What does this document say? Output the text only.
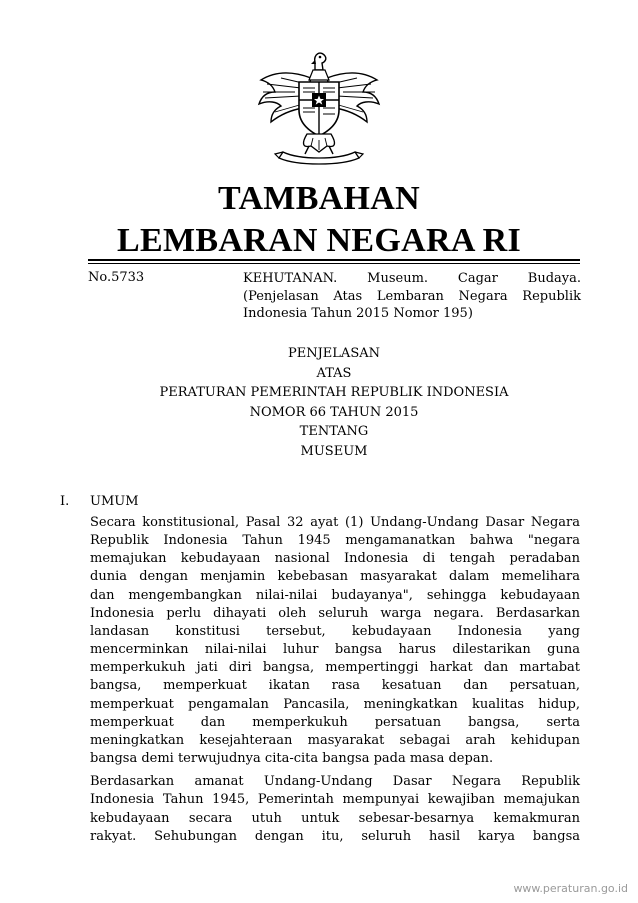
TAMBAHAN
LEMBARAN NEGARA RI
No.5733	KEHUTANAN. Museum. Cagar Budaya.
(Penjelasan Atas Lembaran Negara Republik
Indonesia Tahun 2015 Nomor 195)
PENJELASAN
ATAS
PERATURAN PEMERINTAH REPUBLIK INDONESIA
NOMOR 66 TAHUN 2015
TENTANG
MUSEUM
I. UMUM
Secara konstitusional, Pasal 32 ayat (1) Undang-Undang Dasar Negara
Republik Indonesia Tahun 1945 mengamanatkan bahwa "negara
memajukan kebudayaan nasional Indonesia di tengah peradaban
dunia dengan menjamin kebebasan masyarakat dalam memelihara
dan mengembangkan nilai-nilai budayanya", sehingga kebudayaan
Indonesia perlu dihayati oleh seluruh warga negara. Berdasarkan
landasan konstitusi tersebut, kebudayaan Indonesia yang
mencerminkan nilai-nilai luhur bangsa harus dilestarikan guna
memperkukuh jati diri bangsa, mempertinggi harkat dan martabat
bangsa, memperkuat ikatan rasa kesatuan dan persatuan,
memperkuat pengamalan Pancasila, meningkatkan kualitas hidup,
memperkuat dan memperkukuh persatuan bangsa, serta
meningkatkan kesejahteraan masyarakat sebagai arah kehidupan
bangsa demi terwujudnya cita-cita bangsa pada masa depan.
Berdasarkan amanat Undang-Undang Dasar Negara Republik
Indonesia Tahun 1945, Pemerintah mempunyai kewajiban memajukan
kebudayaan secara utuh untuk sebesar-besarnya kemakmuran
rakyat. Sehubungan dengan itu, seluruh hasil karya bangsa
www.peraturan.go.id
